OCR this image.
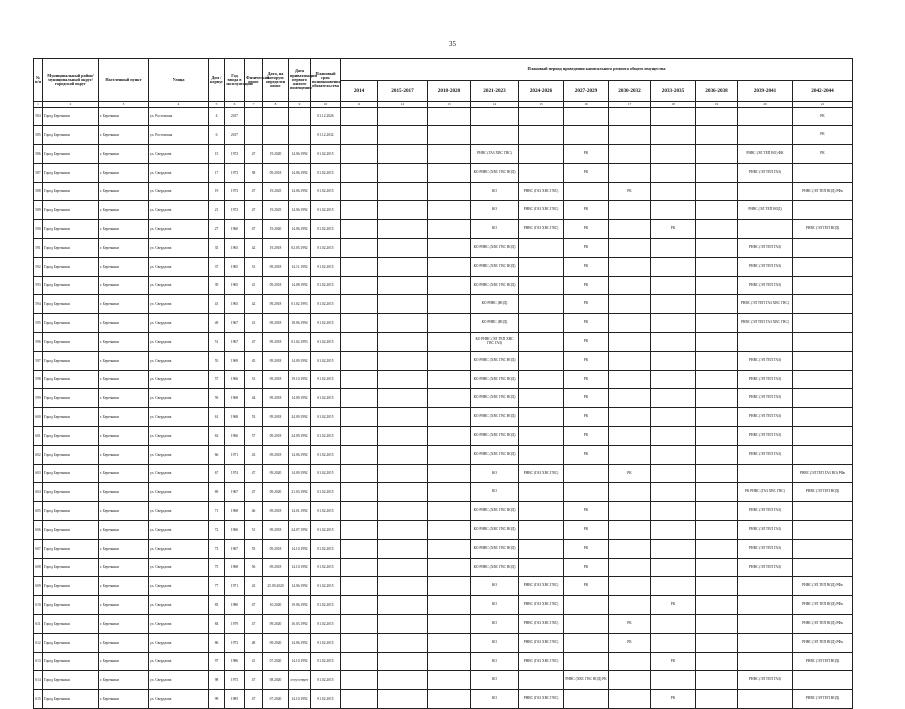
35
№ п/п	Муниципальный район/муниципальный округ/городской округ	Населенный пункт	Улица	Дом / корпус	Год ввода в эксплуатацию	Физический износ	Дата, на которую определен износ	Дата приватизации первого жилого помещения	Плановый срок возникновения обязательства	Плановый период проведения капитального ремонта общего имущества										
										2014	2015-2017	2018-2020	2021-2023	2024-2026	2027-2029	2030-2032	2033-2035	2036-2038	2039-2041	2042-2044
1	2	3	4	5	6	7	8	9	10	11	12	13	14	15	16	17	18	19	20	21
584	Город Березники	г. Березники	ул. Ростовская	4	2017				01.12.2026											РК
585	Город Березники	г. Березники	ул. Ростовская	6	2017				01.12.2032											РК
586	Город Березники	г. Березники	ул. Свердлова	15	1972	47	19.2020	14.06.1992	01.02.2015				РНВС (ГАЗ ХВС ГВС)		РК				РНВС (ЭЛ ТЕП ВО) ФК	PК
587	Город Березники	г. Березники	ул. Свердлова	17	1973	58	09.2018	14.06.1992	01.02.2015				КО РНВС (ХВС ГВС ВОД)		РК				РНВС (ЭЛ ТЕП ГАЗ)	
588	Город Березники	г. Березники	ул. Свердлова	19	1973	47	19.2025	14.06.1992	01.02.2015				КО	РНВС (ГАЗ ХВС ГВС)		РК				РНВС (ЭЛ ТЕП ВОД) РФк
589	Город Березники	г. Березники	ул. Свердлова	21	1972	47	19.2025	14.06.1992	01.02.2015				КО	РНВС (ГАЗ ХВС ГВС)	РК				РНВС (ЭЛ ТЕП ВОД)	
590	Город Березники	г. Березники	ул. Свердлова	27	1960	47	19.2020	14.06.1992	01.02.2015				КО	РНВС (ГАЗ ХВС ГВС)	РК		РК			РНВС (ЭЛ ТЕП ВОД)
591	Город Березники	г. Березники	ул. Свердлова	35	1965	42	19.2018	02.05.1992	01.02.2015				КО РНВС (ХВС ГВС ВОД)		РК				РНВС (ЭЛ ТЕП ГАЗ)	
592	Город Березники	г. Березники	ул. Свердлова	37	1965	51	09.2018	14.11.1992	01.02.2015				КО РНВС (ХВС ГВС ВОД)		РК				РНВС (ЭЛ ТЕП ГАЗ)	
593	Город Березники	г. Березники	ул. Свердлова	39	1965	41	09.2018	14.08.1992	01.02.2015				КО РНВС (ХВС ГВС ВОД)		РК				РНВС (ЭЛ ТЕП ГАЗ)	
594	Город Березники	г. Березники	ул. Свердлова	41	1965	42	09.2018	01.02.1993	01.02.2015				КО РНВС (ВОД)		РК				РНВС (ЭЛ ТЕП ГАЗ ХВС ГВС)	
595	Город Березники	г. Березники	ул. Свердлова	49	1967	41	09.2018	18.06.1994	01.02.2015				КО РНВС (ВОД)		РК				РНВС (ЭЛ ТЕП ГАЗ ХВС ГВС)	
596	Город Березники	г. Березники	ул. Свердлова	51	1967	47	09.2018	01.02.1993	01.02.2015				КО РНВС (ЭЛ ТЕП ХВС ГВС ГАЗ)		РК					
597	Город Березники	г. Березники	ул. Свердлова	55	1969	45	09.2018	14.09.1992	01.02.2015				КО РНВС (ХВС ГВС ВОД)		РК				РНВС (ЭЛ ТЕП ГАЗ)	
598	Город Березники	г. Березники	ул. Свердлова	57	1966	51	09.2018	19.10.1992	01.02.2015				КО РНВС (ХВС ГВС ВОД)		РК				РНВС (ЭЛ ТЕП ГАЗ)	
599	Город Березники	г. Березники	ул. Свердлова	59	1968	44	09.2018	14.09.1992	01.02.2015				КО РНВС (ХВС ГВС ВОД)		РК				РНВС (ЭЛ ТЕП ГАЗ)	
600	Город Березники	г. Березники	ул. Свердлова	61	1968	53	09.2018	24.09.1992	01.02.2015				КО РНВС (ХВС ГВС ВОД)		РК				РНВС (ЭЛ ТЕП ГАЗ)	
601	Город Березники	г. Березники	ул. Свердлова	63	1966	57	09.2018	24.09.1992	01.02.2015				КО РНВС (ХВС ГВС ВОД)		РК				РНВС (ЭЛ ТЕП ГАЗ)	
602	Город Березники	г. Березники	ул. Свердлова	66	1971	43	09.2018	14.06.1992	01.02.2015				КО РНВС (ХВС ГВС ВОД)		РК				РНВС (ЭЛ ТЕП ГАЗ)	
603	Город Березники	г. Березники	ул. Свердлова	67	1974	47	09.2020	14.09.1992	01.02.2015				КО	РНВС (ГАЗ ХВС ГВС)		РК				РНВС (ЭЛ ТЕП ГАЗ ВО) РФк
604	Город Березники	г. Березники	ул. Свердлова	69	1967	47	09.2020	21.03.1992	01.02.2015				КО						РК РНВС (ГАЗ ХВС ГВС)	РНВС (ЭЛ ТЕП ВОД)
605	Город Березники	г. Березники	ул. Свердлова	71	1968	46	09.2018	14.01.1992	01.02.2015				КО РНВС (ХВС ГВС ВОД)		РК				РНВС (ЭЛ ТЕП ГАЗ)	
606	Город Березники	г. Березники	ул. Свердлова	72	1966	51	09.2018	24.07.1992	01.02.2015				КО РНВС (ХВС ГВС ВОД)		РК				РНВС (ЭЛ ТЕП ГАЗ)	
607	Город Березники	г. Березники	ул. Свердлова	73	1967	55	09.2018	14.10.1992	01.02.2015				КО РНВС (ХВС ГВС ВОД)		РК				РНВС (ЭЛ ТЕП ГАЗ)	
608	Город Березники	г. Березники	ул. Свердлова	75	1968	56	09.2018	14.10.1992	01.02.2015				КО РНВС (ХВС ГВС ВОД)		РК				РНВС (ЭЛ ТЕП ГАЗ)	
609	Город Березники	г. Березники	ул. Свердлова	77	1971	43	25.09.2020	14.06.1992	01.02.2015				КО	РНВС (ГАЗ ХВС ГВС)	РК					РНВС (ЭЛ ТЕП ВОД) РФк
610	Город Березники	г. Березники	ул. Свердлова	83	1980	47	10.2020	19.06.1992	01.02.2015				КО	РНВС (ГАЗ ХВС ГВС)			РК			РНВС (ЭЛ ТЕП ВОД) РФк
611	Город Березники	г. Березники	ул. Свердлова	84	1979	47	09.2020	16.03.1992	01.02.2015				КО	РНВС (ГАЗ ХВС ГВС)		РК				РНВС (ЭЛ ТЕП ВОД) РФк
612	Город Березники	г. Березники	ул. Свердлова	86	1973	48	09.2020	14.06.1992	01.02.2015				КО	РНВС (ГАЗ ХВС ГВС)		РК				РНВС (ЭЛ ТЕП ВОД) РФк
613	Город Березники	г. Березники	ул. Свердлова	97	1986	41	07.2020	14.10.1992	01.02.2015				КО	РНВС (ГАЗ ХВС ГВС)			РК			РНВС (ЭЛ ТЕП ВОД)
614	Город Березники	г. Березники	ул. Свердлова	98	1973	47	08.2020	отсутствует	01.02.2015				КО		РНВС (ХВС ГВС ВОД) РК				РНВС (ЭЛ ТЕП ГАЗ)	
615	Город Березники	г. Березники	ул. Свердлова	99	1985	47	07.2020	14.10.1992	01.02.2015				КО	РНВС (ГАЗ ХВС ГВС)			РК			РНВС (ЭЛ ТЕП ВОД)
